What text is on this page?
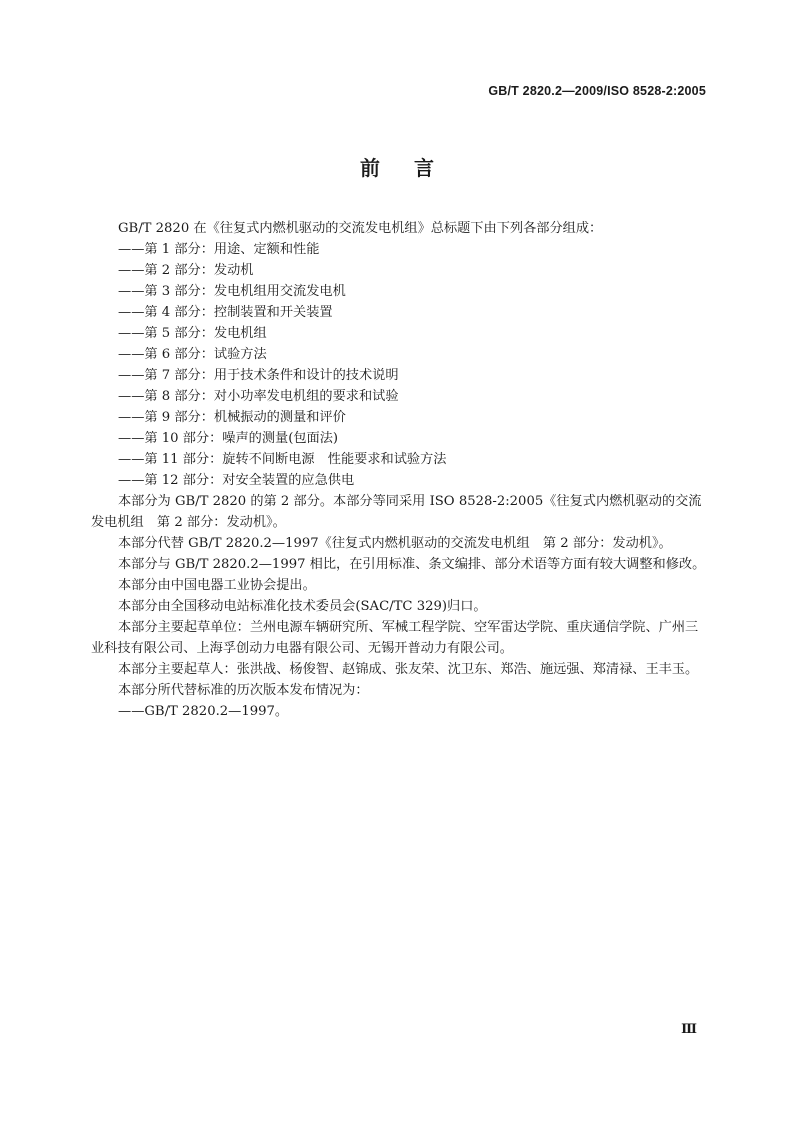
GB/T 2820.2—2009/ISO 8528-2:2005
前言
GB/T 2820 在《往复式内燃机驱动的交流发电机组》总标题下由下列各部分组成：
——第 1 部分：用途、定额和性能
——第 2 部分：发动机
——第 3 部分：发电机组用交流发电机
——第 4 部分：控制装置和开关装置
——第 5 部分：发电机组
——第 6 部分：试验方法
——第 7 部分：用于技术条件和设计的技术说明
——第 8 部分：对小功率发电机组的要求和试验
——第 9 部分：机械振动的测量和评价
——第 10 部分：噪声的测量(包面法)
——第 11 部分：旋转不间断电源　性能要求和试验方法
——第 12 部分：对安全装置的应急供电
本部分为 GB/T 2820 的第 2 部分。本部分等同采用 ISO 8528-2:2005《往复式内燃机驱动的交流
发电机组　第 2 部分：发动机》。
本部分代替 GB/T 2820.2—1997《往复式内燃机驱动的交流发电机组　第 2 部分：发动机》。
本部分与 GB/T 2820.2—1997 相比，在引用标准、条文编排、部分术语等方面有较大调整和修改。
本部分由中国电器工业协会提出。
本部分由全国移动电站标准化技术委员会(SAC/TC 329)归口。
本部分主要起草单位：兰州电源车辆研究所、军械工程学院、空军雷达学院、重庆通信学院、广州三
业科技有限公司、上海孚创动力电器有限公司、无锡开普动力有限公司。
本部分主要起草人：张洪战、杨俊智、赵锦成、张友荣、沈卫东、郑浩、施远强、郑清禄、王丰玉。
本部分所代替标准的历次版本发布情况为：
——GB/T 2820.2—1997。
Ⅲ
